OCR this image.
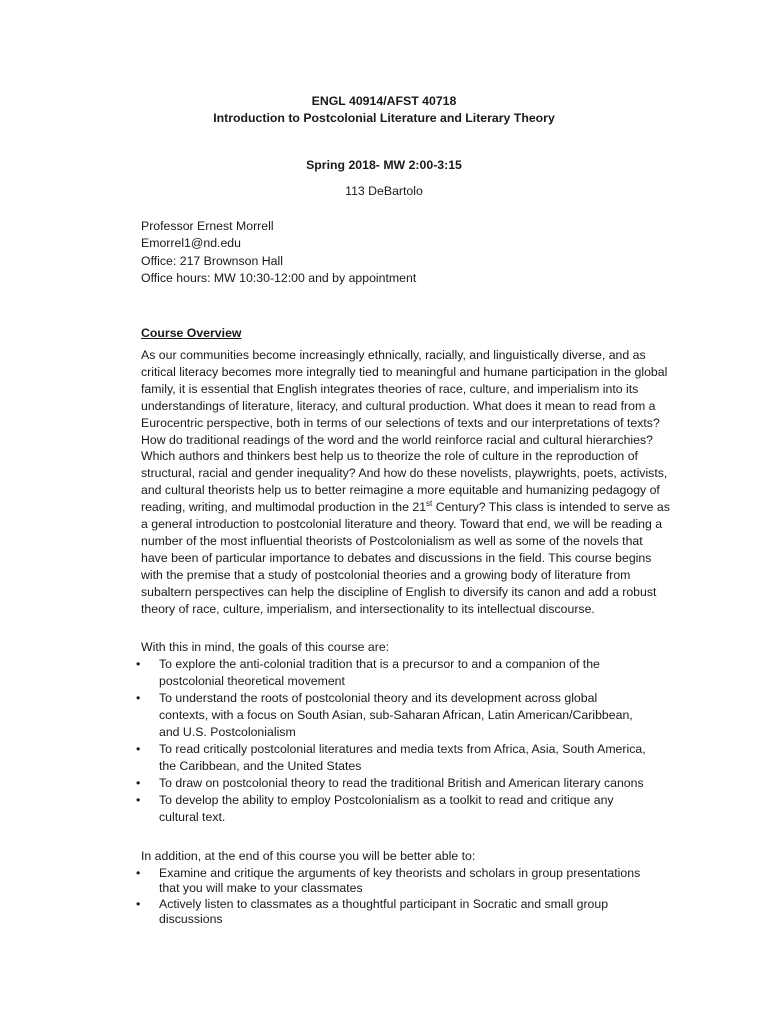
ENGL 40914/AFST 40718
Introduction to Postcolonial Literature and Literary Theory
Spring 2018- MW 2:00-3:15
113 DeBartolo
Professor Ernest Morrell
Emorrel1@nd.edu
Office: 217 Brownson Hall
Office hours: MW 10:30-12:00 and by appointment
Course Overview
As our communities become increasingly ethnically, racially, and linguistically diverse, and as
critical literacy becomes more integrally tied to meaningful and humane participation in the global
family, it is essential that English integrates theories of race, culture, and imperialism into its
understandings of literature, literacy, and cultural production. What does it mean to read from a
Eurocentric perspective, both in terms of our selections of texts and our interpretations of texts?
How do traditional readings of the word and the world reinforce racial and cultural hierarchies?
Which authors and thinkers best help us to theorize the role of culture in the reproduction of
structural, racial and gender inequality? And how do these novelists, playwrights, poets, activists,
and cultural theorists help us to better reimagine a more equitable and humanizing pedagogy of
reading, writing, and multimodal production in the 21st Century? This class is intended to serve as
a general introduction to postcolonial literature and theory. Toward that end, we will be reading a
number of the most influential theorists of Postcolonialism as well as some of the novels that
have been of particular importance to debates and discussions in the field. This course begins
with the premise that a study of postcolonial theories and a growing body of literature from
subaltern perspectives can help the discipline of English to diversify its canon and add a robust
theory of race, culture, imperialism, and intersectionality to its intellectual discourse.
With this in mind, the goals of this course are:
• To explore the anti-colonial tradition that is a precursor to and a companion of the
postcolonial theoretical movement
• To understand the roots of postcolonial theory and its development across global
contexts, with a focus on South Asian, sub-Saharan African, Latin American/Caribbean,
and U.S. Postcolonialism
• To read critically postcolonial literatures and media texts from Africa, Asia, South America,
the Caribbean, and the United States
• To draw on postcolonial theory to read the traditional British and American literary canons
• To develop the ability to employ Postcolonialism as a toolkit to read and critique any
cultural text.
In addition, at the end of this course you will be better able to:
• Examine and critique the arguments of key theorists and scholars in group presentations
that you will make to your classmates
• Actively listen to classmates as a thoughtful participant in Socratic and small group
discussions
